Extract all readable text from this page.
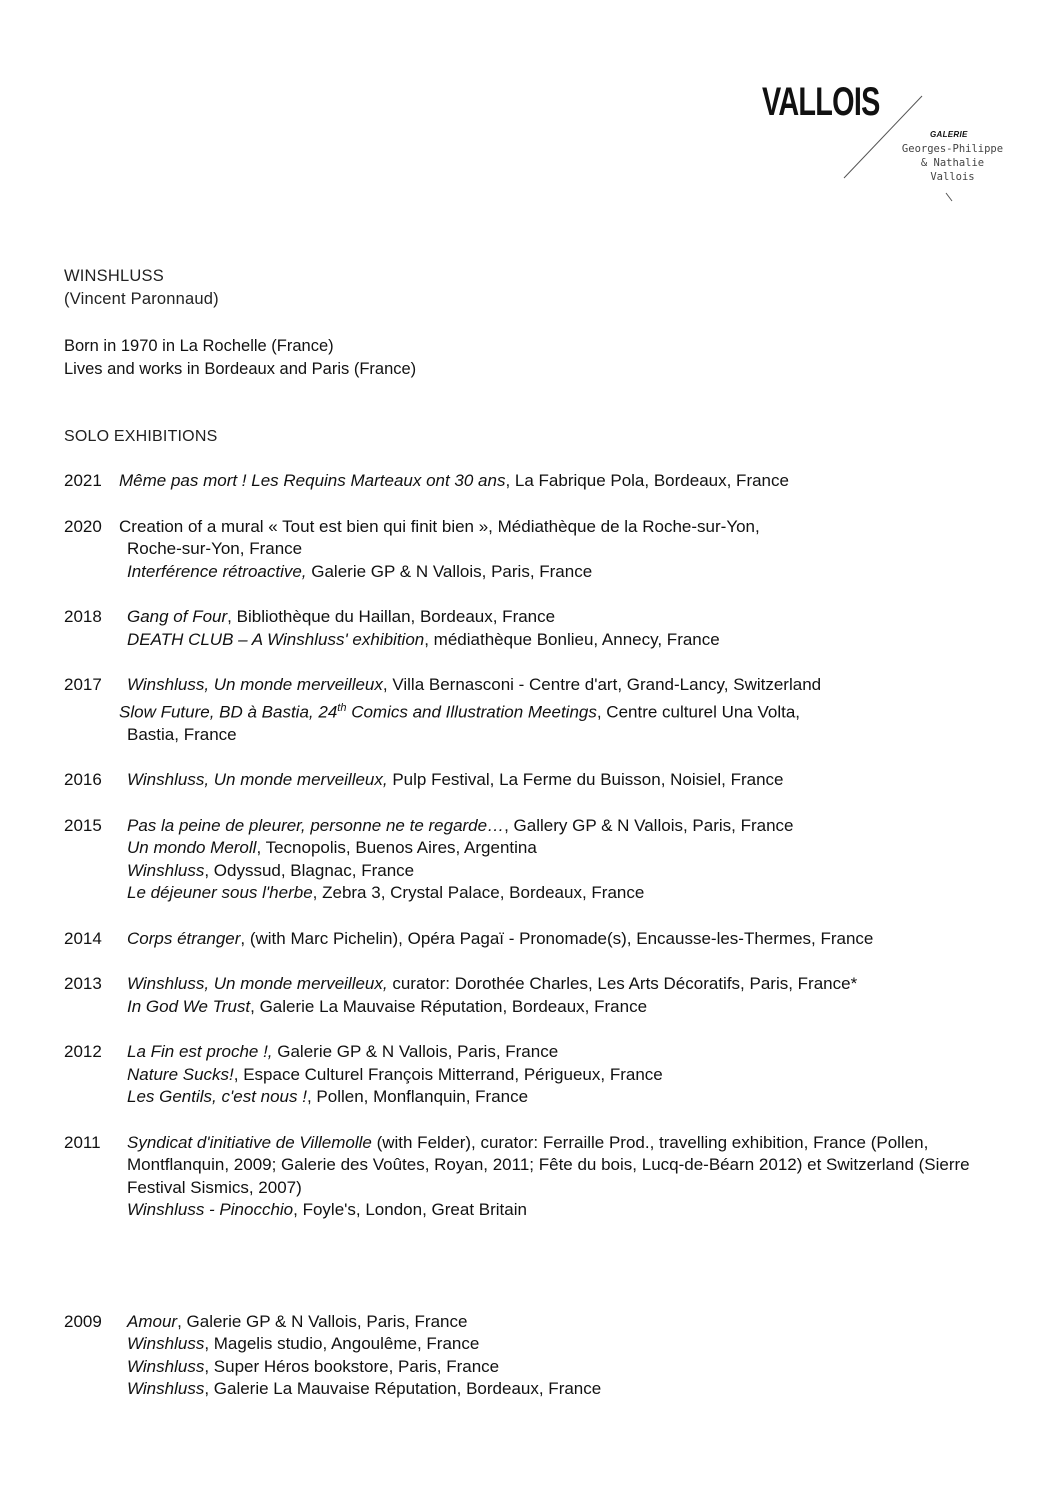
VALLOIS
GALERIE
Georges-Philippe
& Nathalie
Vallois
WINSHLUSS
(Vincent Paronnaud)
Born in 1970 in La Rochelle (France)
Lives and works in Bordeaux and Paris (France)
SOLO EXHIBITIONS
2021	Même pas mort ! Les Requins Marteaux ont 30 ans, La Fabrique Pola, Bordeaux, France
2020	Creation of a mural « Tout est bien qui finit bien », Médiathèque de la Roche-sur-Yon,
Roche-sur-Yon, France
Interférence rétroactive, Galerie GP & N Vallois, Paris, France
2018	Gang of Four, Bibliothèque du Haillan, Bordeaux, France
DEATH CLUB – A Winshluss' exhibition, médiathèque Bonlieu, Annecy, France
2017	Winshluss, Un monde merveilleux, Villa Bernasconi - Centre d'art, Grand-Lancy, Switzerland
Slow Future, BD à Bastia, 24th Comics and Illustration Meetings, Centre culturel Una Volta,
Bastia, France
2016	Winshluss, Un monde merveilleux, Pulp Festival, La Ferme du Buisson, Noisiel, France
2015	Pas la peine de pleurer, personne ne te regarde…, Gallery GP & N Vallois, Paris, France
Un mondo Meroll, Tecnopolis, Buenos Aires, Argentina
Winshluss, Odyssud, Blagnac, France
Le déjeuner sous l'herbe, Zebra 3, Crystal Palace, Bordeaux, France
2014	Corps étranger, (with Marc Pichelin), Opéra Pagaï - Pronomade(s), Encausse-les-Thermes, France
2013	Winshluss, Un monde merveilleux, curator: Dorothée Charles, Les Arts Décoratifs, Paris, France*
In God We Trust, Galerie La Mauvaise Réputation, Bordeaux, France
2012	La Fin est proche !, Galerie GP & N Vallois, Paris, France
Nature Sucks!, Espace Culturel François Mitterrand, Périgueux, France
Les Gentils, c'est nous !, Pollen, Monflanquin, France
2011	Syndicat d'initiative de Villemolle (with Felder), curator: Ferraille Prod., travelling exhibition, France (Pollen, Montflanquin, 2009; Galerie des Voûtes, Royan, 2011; Fête du bois, Lucq-de-Béarn 2012) et Switzerland (Sierre Festival Sismics, 2007)
Winshluss - Pinocchio, Foyle's, London, Great Britain
2009	Amour, Galerie GP & N Vallois, Paris, France
Winshluss, Magelis studio, Angoulême, France
Winshluss, Super Héros bookstore, Paris, France
Winshluss, Galerie La Mauvaise Réputation, Bordeaux, France
